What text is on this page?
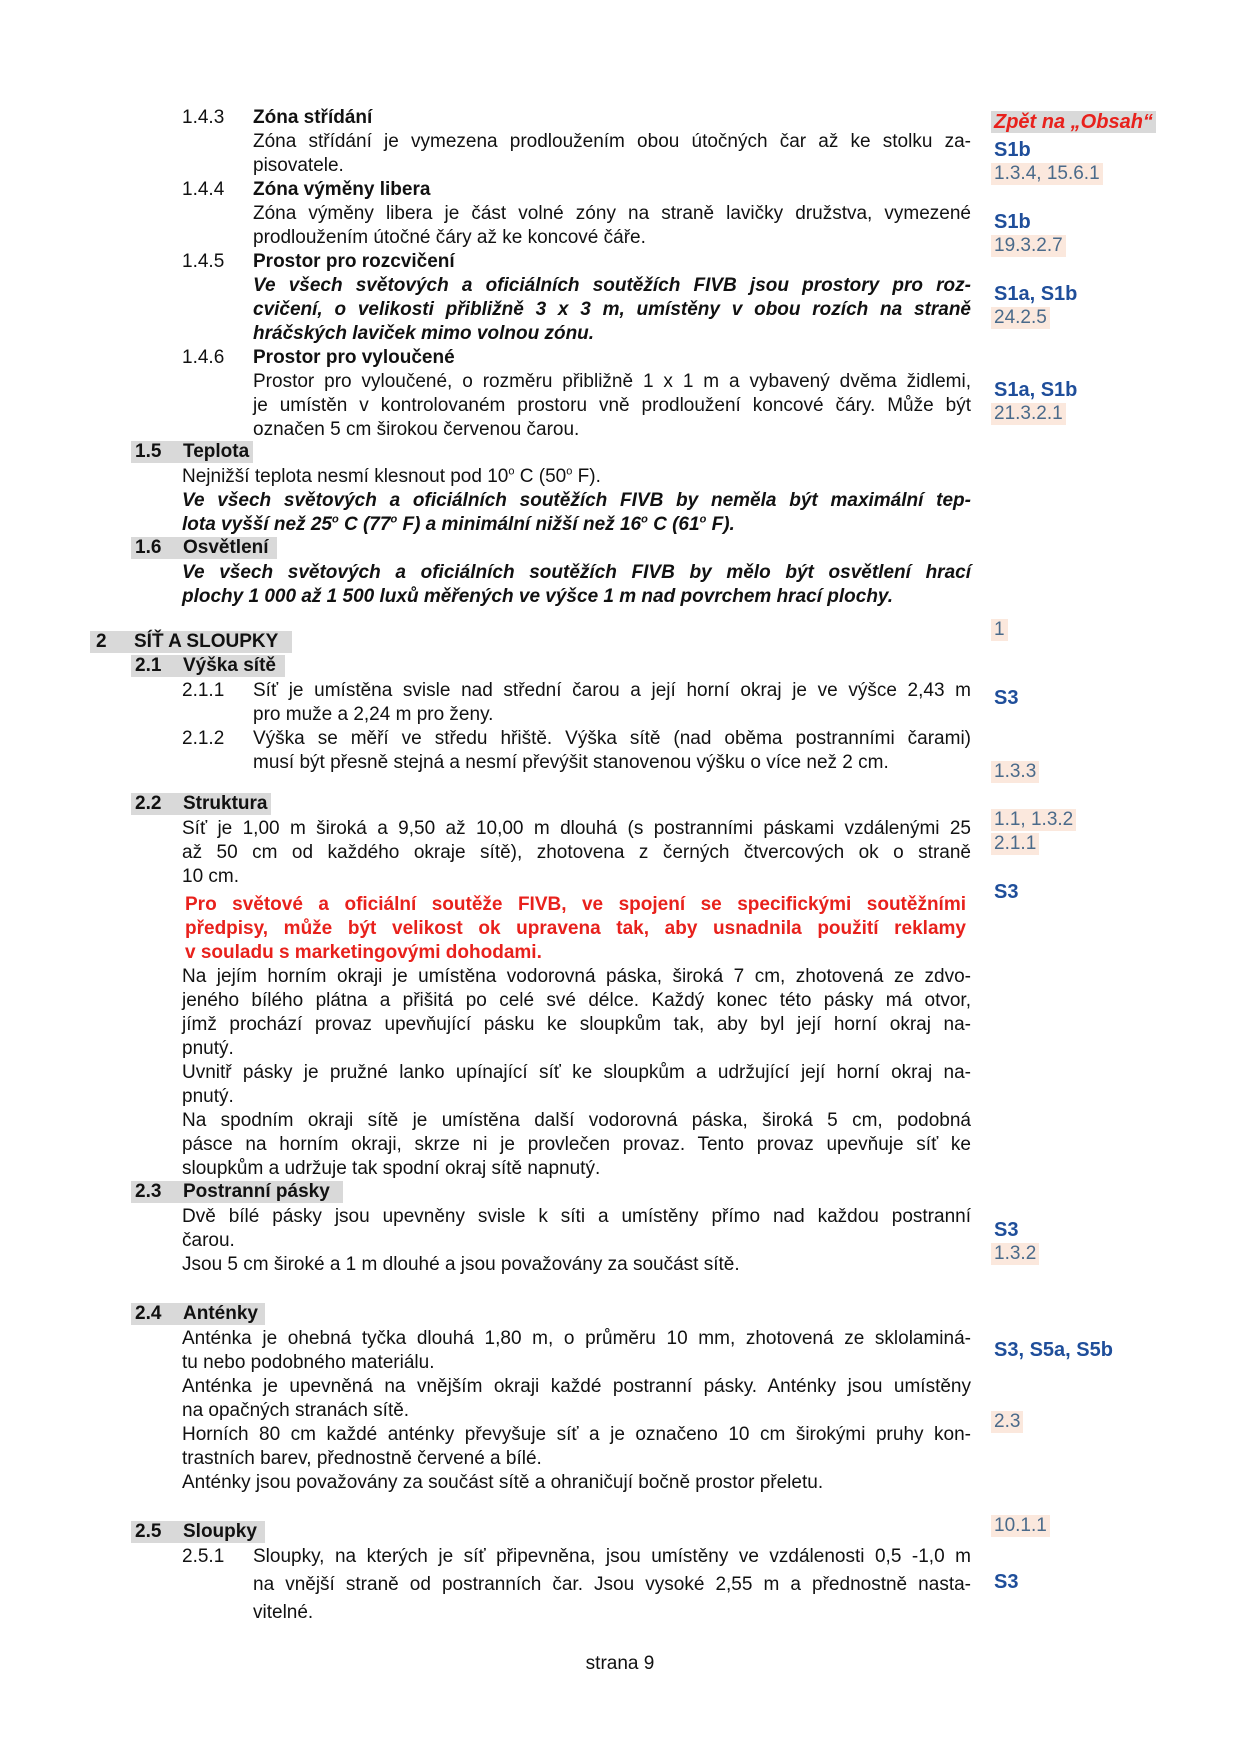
1.4.3 Zóna střídání
Zóna střídání je vymezena prodloužením obou útočných čar až ke stolku za-
pisovatele.
1.4.4 Zóna výměny libera
Zóna výměny libera je část volné zóny na straně lavičky družstva, vymezené
prodloužením útočné čáry až ke koncové čáře.
1.4.5 Prostor pro rozcvičení
Ve všech světových a oficiálních soutěžích FIVB jsou prostory pro roz-
cvičení, o velikosti přibližně 3 x 3 m, umístěny v obou rozích na straně
hráčských laviček mimo volnou zónu.
1.4.6 Prostor pro vyloučené
Prostor pro vyloučené, o rozměru přibližně 1 x 1 m a vybavený dvěma židlemi,
je umístěn v kontrolovaném prostoru vně prodloužení koncové čáry. Může být
označen 5 cm širokou červenou čarou.
1.5 Teplota
Nejnižší teplota nesmí klesnout pod 10$^o$ C (50$^o$ F).
Ve všech světových a oficiálních soutěžích FIVB by neměla být maximální tep-
lota vyšší než 25$^o$ C (77$^o$ F) a minimální nižší než 16$^o$ C (61$^o$ F).
1.6 Osvětlení
Ve všech světových a oficiálních soutěžích FIVB by mělo být osvětlení hrací
plochy 1 000 až 1 500 luxů měřených ve výšce 1 m nad povrchem hrací plochy.
2 SÍŤ A SLOUPKY
2.1 Výška sítě
2.1.1 Síť je umístěna svisle nad střední čarou a její horní okraj je ve výšce 2,43 m
pro muže a 2,24 m pro ženy.
2.1.2 Výška se měří ve středu hřiště. Výška sítě (nad oběma postranními čarami)
musí být přesně stejná a nesmí převýšit stanovenou výšku o více než 2 cm.
2.2 Struktura
Síť je 1,00 m široká a 9,50 až 10,00 m dlouhá (s postranními páskami vzdálenými 25
až 50 cm od každého okraje sítě), zhotovena z černých čtvercových ok o straně
10 cm.
Pro světové a oficiální soutěže FIVB, ve spojení se specifickými soutěžními
předpisy, může být velikost ok upravena tak, aby usnadnila použití reklamy
v souladu s marketingovými dohodami.
Na jejím horním okraji je umístěna vodorovná páska, široká 7 cm, zhotovená ze zdvo-
jeného bílého plátna a přišitá po celé své délce. Každý konec této pásky má otvor,
jímž prochází provaz upevňující pásku ke sloupkům tak, aby byl její horní okraj na-
pnutý.
Uvnitř pásky je pružné lanko upínající síť ke sloupkům a udržující její horní okraj na-
pnutý.
Na spodním okraji sítě je umístěna další vodorovná páska, široká 5 cm, podobná
pásce na horním okraji, skrze ni je provlečen provaz. Tento provaz upevňuje síť ke
sloupkům a udržuje tak spodní okraj sítě napnutý.
2.3 Postranní pásky
Dvě bílé pásky jsou upevněny svisle k síti a umístěny přímo nad každou postranní
čarou.
Jsou 5 cm široké a 1 m dlouhé a jsou považovány za součást sítě.
2.4 Anténky
Anténka je ohebná tyčka dlouhá 1,80 m, o průměru 10 mm, zhotovená ze sklolaminá-
tu nebo podobného materiálu.
Anténka je upevněná na vnějším okraji každé postranní pásky. Anténky jsou umístěny
na opačných stranách sítě.
Horních 80 cm každé anténky převyšuje síť a je označeno 10 cm širokými pruhy kon-
trastních barev, přednostně červené a bílé.
Anténky jsou považovány za součást sítě a ohraničují bočně prostor přeletu.
2.5 Sloupky
2.5.1 Sloupky, na kterých je síť připevněna, jsou umístěny ve vzdálenosti 0,5 -1,0 m
na vnější straně od postranních čar. Jsou vysoké 2,55 m a přednostně nasta-
vitelné.
Zpět na „Obsah“
S1b
1.3.4, 15.6.1
S1b
19.3.2.7
S1a, S1b
24.2.5
S1a, S1b
21.3.2.1
1
S3
1.3.3
1.1, 1.3.2
2.1.1
S3
S3
1.3.2
S3, S5a, S5b
2.3
10.1.1
S3
strana 9
